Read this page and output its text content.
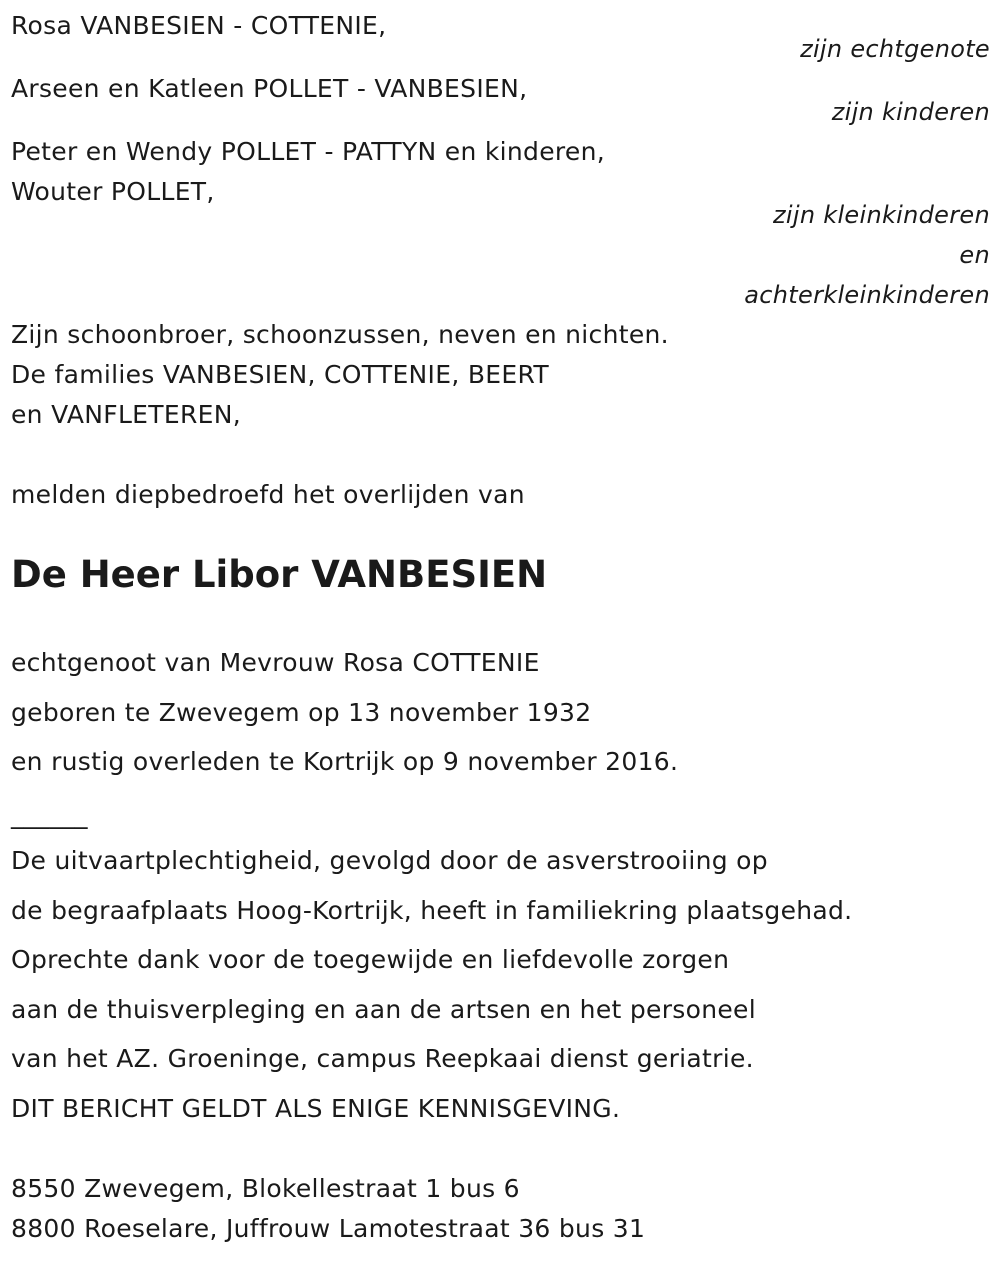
Rosa VANBESIEN - COTTENIE,
zijn echtgenote
Arseen en Katleen POLLET - VANBESIEN,
zijn kinderen
Peter en Wendy POLLET - PATTYN en kinderen,
Wouter POLLET,
zijn kleinkinderen
en
achterkleinkinderen
Zijn schoonbroer, schoonzussen, neven en nichten.
De families VANBESIEN, COTTENIE, BEERT
en VANFLETEREN,
melden diepbedroefd het overlijden van
De Heer Libor VANBESIEN
echtgenoot van Mevrouw Rosa COTTENIE
geboren te Zwevegem op 13 november 1932
en rustig overleden te Kortrijk op 9 november 2016.
______
De uitvaartplechtigheid, gevolgd door de asverstrooiing op
de begraafplaats Hoog-Kortrijk, heeft in familiekring plaatsgehad.
Oprechte dank voor de toegewijde en liefdevolle zorgen
aan de thuisverpleging en aan de artsen en het personeel
van het AZ. Groeninge, campus Reepkaai dienst geriatrie.
DIT BERICHT GELDT ALS ENIGE KENNISGEVING.
8550 Zwevegem, Blokellestraat 1 bus 6
8800 Roeselare, Juffrouw Lamotestraat 36 bus 31
